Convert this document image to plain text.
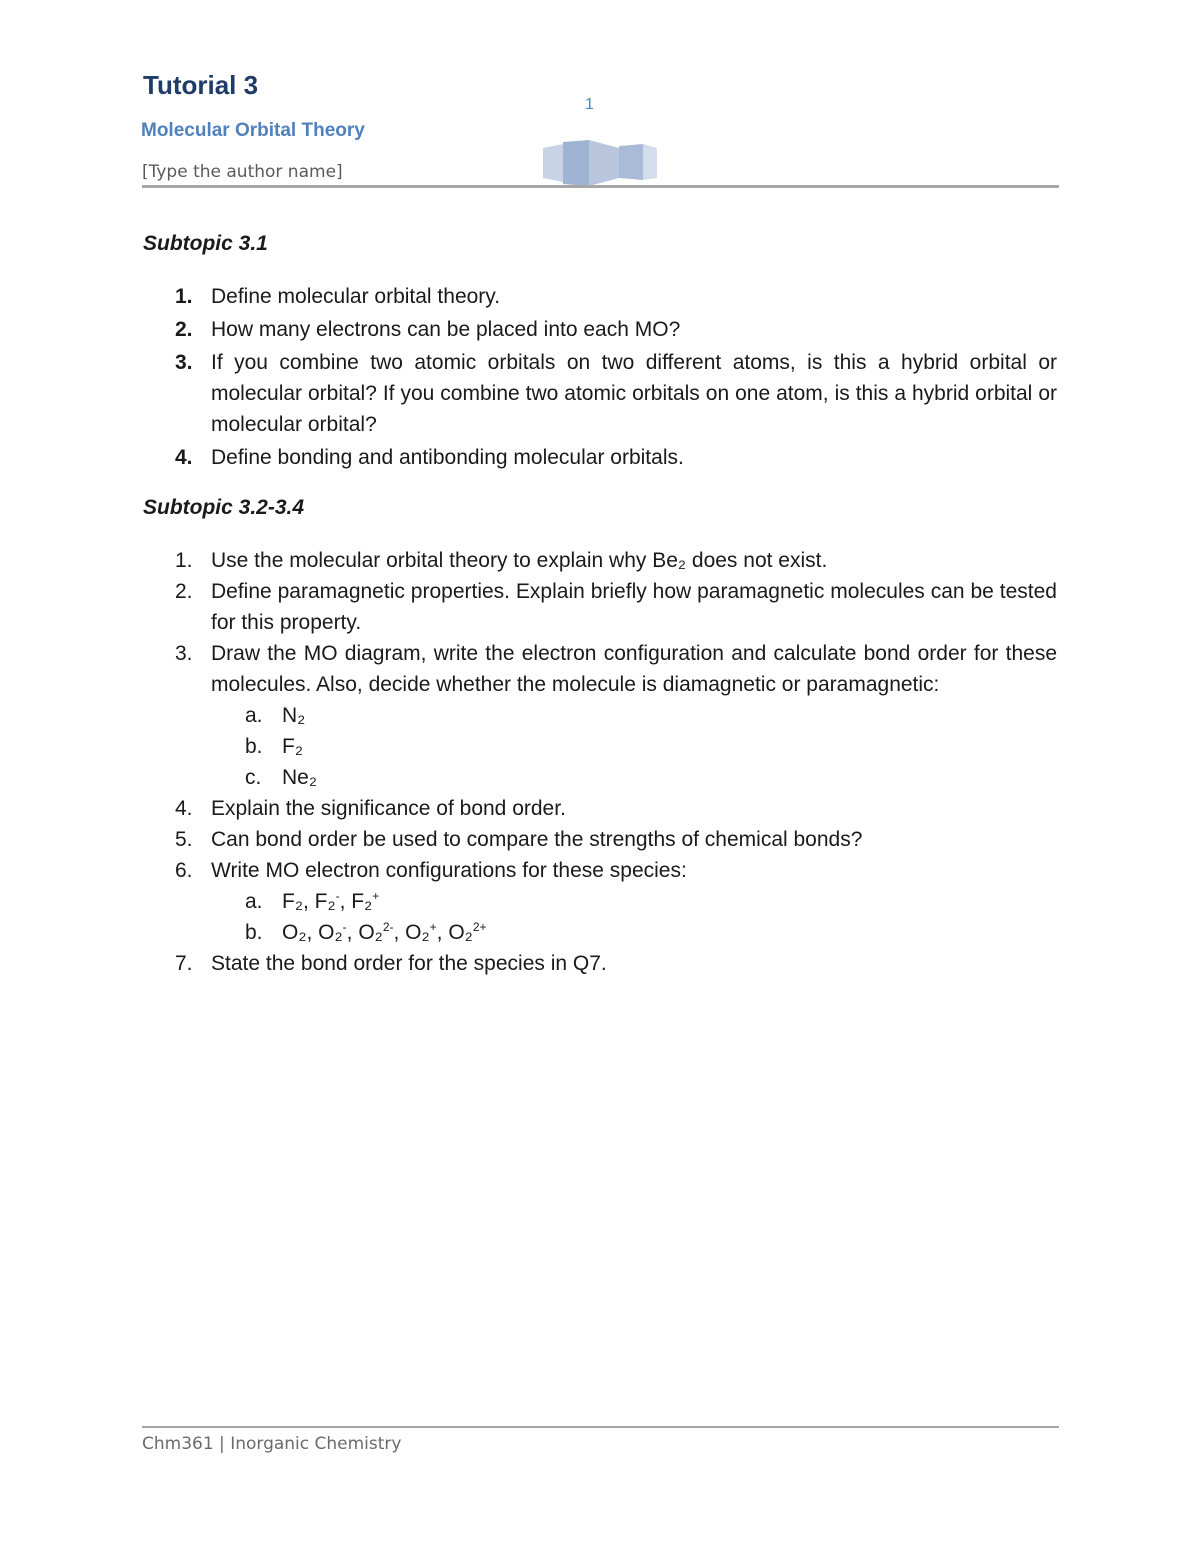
Tutorial 3
1
Molecular Orbital Theory
[Type the author name]
Subtopic 3.1
1. Define molecular orbital theory.
2. How many electrons can be placed into each MO?
3. If you combine two atomic orbitals on two different atoms, is this a hybrid orbital or molecular orbital? If you combine two atomic orbitals on one atom, is this a hybrid orbital or molecular orbital?
4. Define bonding and antibonding molecular orbitals.
Subtopic 3.2-3.4
1. Use the molecular orbital theory to explain why Be₂ does not exist.
2. Define paramagnetic properties. Explain briefly how paramagnetic molecules can be tested for this property.
3. Draw the MO diagram, write the electron configuration and calculate bond order for these molecules. Also, decide whether the molecule is diamagnetic or paramagnetic:
a. N₂
b. F₂
c. Ne₂
4. Explain the significance of bond order.
5. Can bond order be used to compare the strengths of chemical bonds?
6. Write MO electron configurations for these species:
a. F₂, F₂-, F₂+
b. O₂, O₂-, O₂$^{2-}$, O₂+, O₂$^{2+}$
7. State the bond order for the species in Q7.
Chm361 | Inorganic Chemistry
